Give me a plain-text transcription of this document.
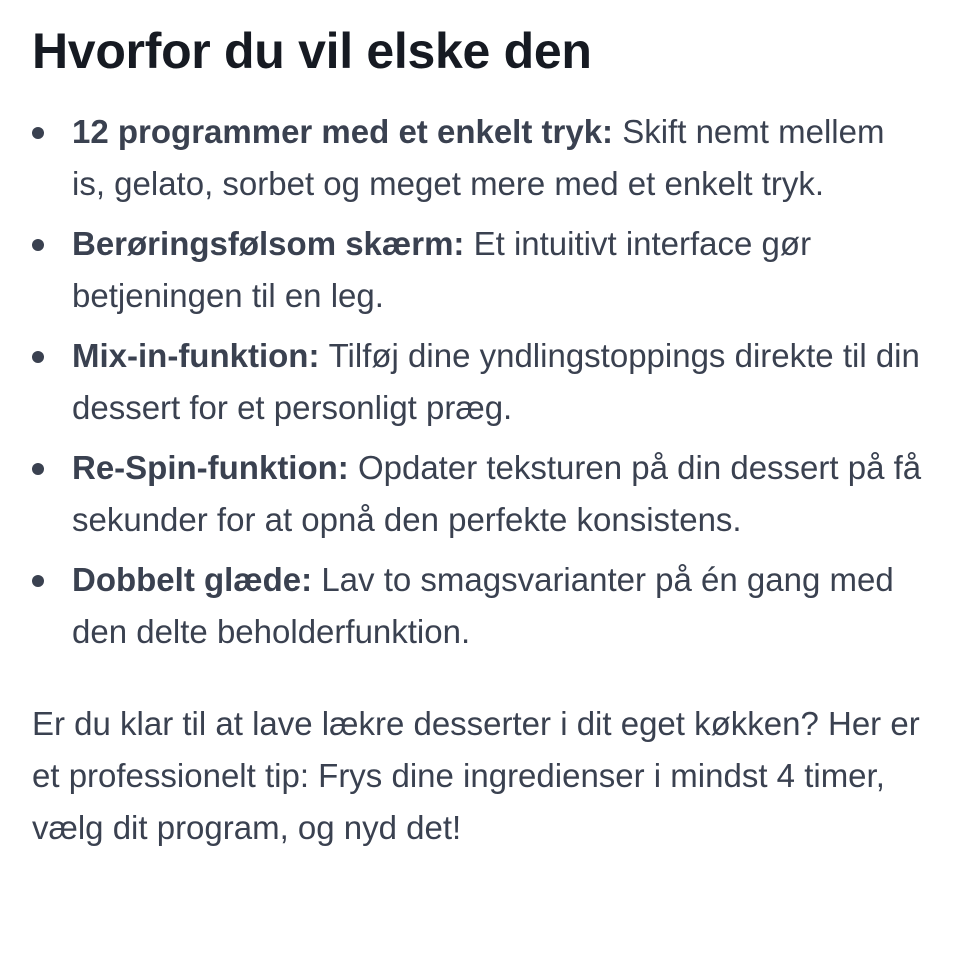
Hvorfor du vil elske den
12 programmer med et enkelt tryk: Skift nemt mellem is, gelato, sorbet og meget mere med et enkelt tryk.
Berøringsfølsom skærm: Et intuitivt interface gør betjeningen til en leg.
Mix-in-funktion: Tilføj dine yndlingstoppings direkte til din dessert for et personligt præg.
Re-Spin-funktion: Opdater teksturen på din dessert på få sekunder for at opnå den perfekte konsistens.
Dobbelt glæde: Lav to smagsvarianter på én gang med den delte beholderfunktion.

Er du klar til at lave lækre desserter i dit eget køkken? Her er et professionelt tip: Frys dine ingredienser i mindst 4 timer, vælg dit program, og nyd det!
